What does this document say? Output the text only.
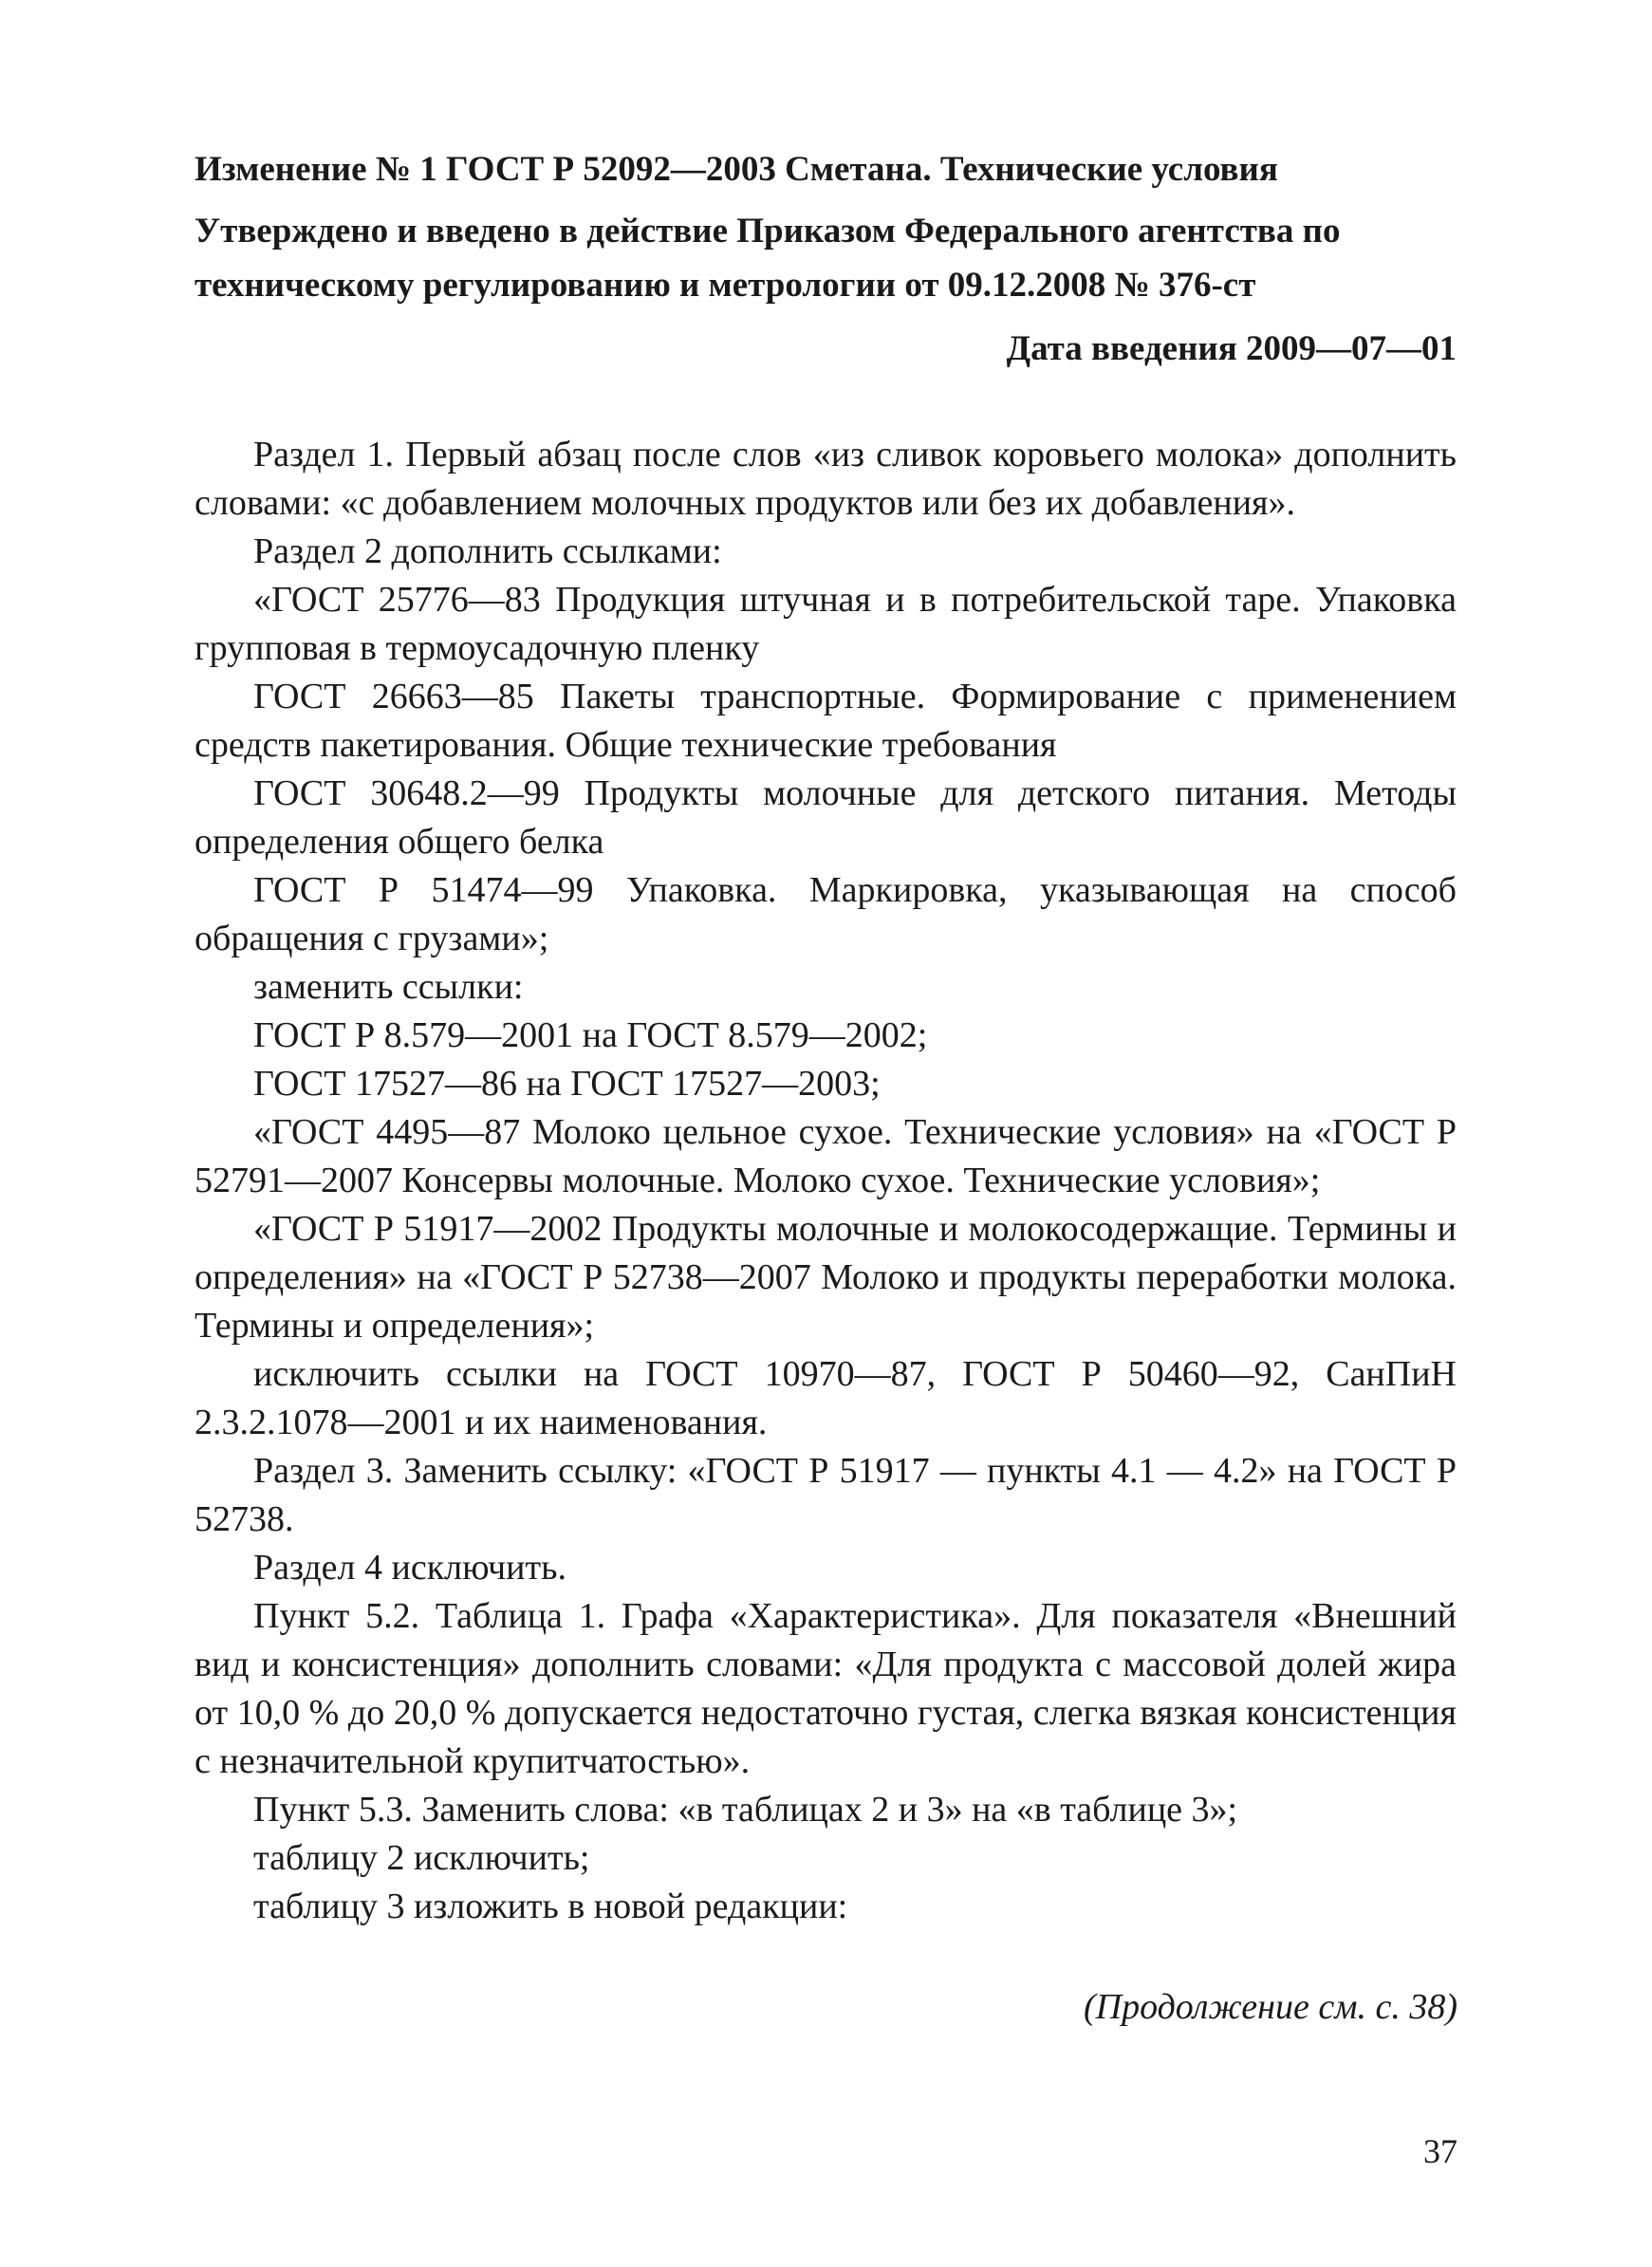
Изменение № 1 ГОСТ Р 52092—2003 Сметана. Технические условия

Утверждено и введено в действие Приказом Федерального агентства по техническому регулированию и метрологии от 09.12.2008 № 376-ст

Дата введения 2009—07—01

Раздел 1. Первый абзац после слов «из сливок коровьего молока» дополнить словами: «с добавлением молочных продуктов или без их добавления».

Раздел 2 дополнить ссылками:

«ГОСТ 25776—83 Продукция штучная и в потребительской таре. Упаковка групповая в термоусадочную пленку

ГОСТ 26663—85 Пакеты транспортные. Формирование с применением средств пакетирования. Общие технические требования

ГОСТ 30648.2—99 Продукты молочные для детского питания. Методы определения общего белка

ГОСТ Р 51474—99 Упаковка. Маркировка, указывающая на способ обращения с грузами»;

заменить ссылки:

ГОСТ Р 8.579—2001 на ГОСТ 8.579—2002;

ГОСТ 17527—86 на ГОСТ 17527—2003;

«ГОСТ 4495—87 Молоко цельное сухое. Технические условия» на «ГОСТ Р 52791—2007 Консервы молочные. Молоко сухое. Технические условия»;

«ГОСТ Р 51917—2002 Продукты молочные и молокосодержащие. Термины и определения» на «ГОСТ Р 52738—2007 Молоко и продукты переработки молока. Термины и определения»;

исключить ссылки на ГОСТ 10970—87, ГОСТ Р 50460—92, СанПиН 2.3.2.1078—2001 и их наименования.

Раздел 3. Заменить ссылку: «ГОСТ Р 51917 — пункты 4.1 — 4.2» на ГОСТ Р 52738.

Раздел 4 исключить.

Пункт 5.2. Таблица 1. Графа «Характеристика». Для показателя «Внешний вид и консистенция» дополнить словами: «Для продукта с массовой долей жира от 10,0 % до 20,0 % допускается недостаточно густая, слегка вязкая консистенция с незначительной крупитчатостью».

Пункт 5.3. Заменить слова: «в таблицах 2 и 3» на «в таблице 3»;

таблицу 2 исключить;

таблицу 3 изложить в новой редакции:

(Продолжение см. с. 38)
37
